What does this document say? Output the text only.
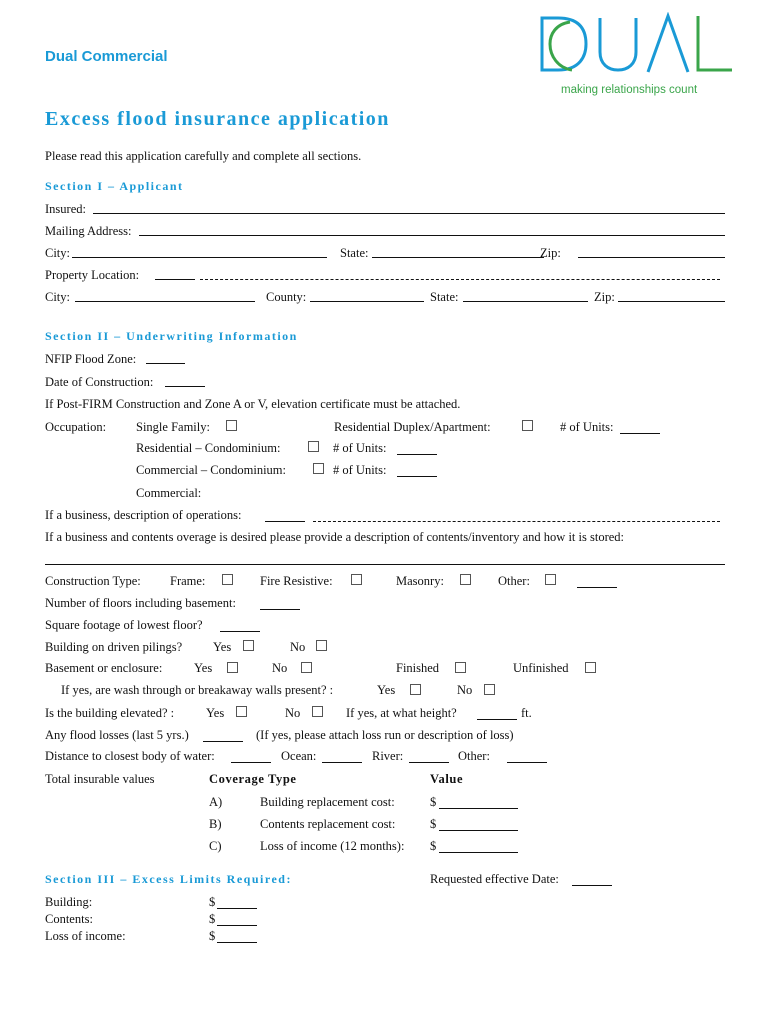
Dual Commercial
making relationships count
Excess flood insurance application
Please read this application carefully and complete all sections.
Section I – Applicant
Insured:
Mailing Address:
City:	State:	Zip:
Property Location:
City:	County:	State:	Zip:
Section II – Underwriting Information
NFIP Flood Zone:
Date of Construction:
If Post-FIRM Construction and Zone A or V, elevation certificate must be attached.
Occupation: Single Family:	Residential Duplex/Apartment:	# of Units:
Residential – Condominium:	# of Units:
Commercial – Condominium:	# of Units:
Commercial:
If a business, description of operations:
If a business and contents overage is desired please provide a description of contents/inventory and how it is stored:
Construction Type: Frame:	Fire Resistive:	Masonry:	Other:
Number of floors including basement:
Square footage of lowest floor?
Building on driven pilings? Yes	No
Basement or enclosure:	Yes	No	Finished	Unfinished
If yes, are wash through or breakaway walls present? :	Yes	No
Is the building elevated? :	Yes	No	If yes, at what height?	ft.
Any flood losses (last 5 yrs.)	(If yes, please attach loss run or description of loss)
Distance to closest body of water:	Ocean:	River:	Other:
Total insurable values	Coverage Type	Value
A)	Building replacement cost:	$
B)	Contents replacement cost:	$
C)	Loss of income (12 months): $
Section III – Excess Limits Required:	Requested effective Date:
Building:	$
Contents:	$
Loss of income:	$
